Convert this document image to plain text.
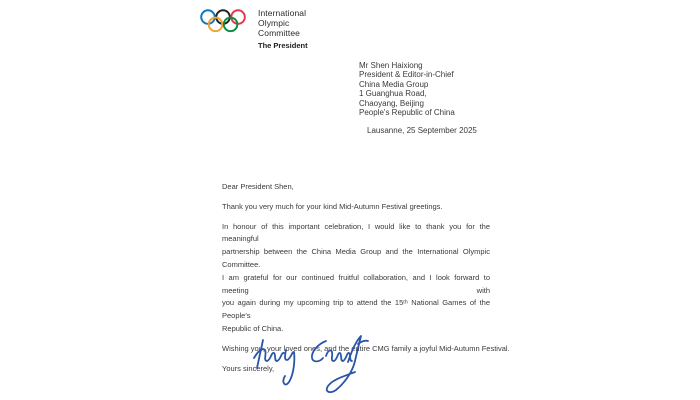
International
Olympic
Committee
The President
Mr Shen Haixiong
President & Editor-in-Chief
China Media Group
1 Guanghua Road,
Chaoyang, Beijing
People's Republic of China
Lausanne, 25 September 2025
Dear President Shen,
Thank you very much for your kind Mid-Autumn Festival greetings.
In honour of this important celebration, I would like to thank you for the meaningful
partnership between the China Media Group and the International Olympic Committee.
I am grateful for our continued fruitful collaboration, and I look forward to meeting with
you again during my upcoming trip to attend the 15ᵗʰ National Games of the People's
Republic of China.
Wishing you, your loved ones, and the entire CMG family a joyful Mid-Autumn Festival.
Yours sincerely,
